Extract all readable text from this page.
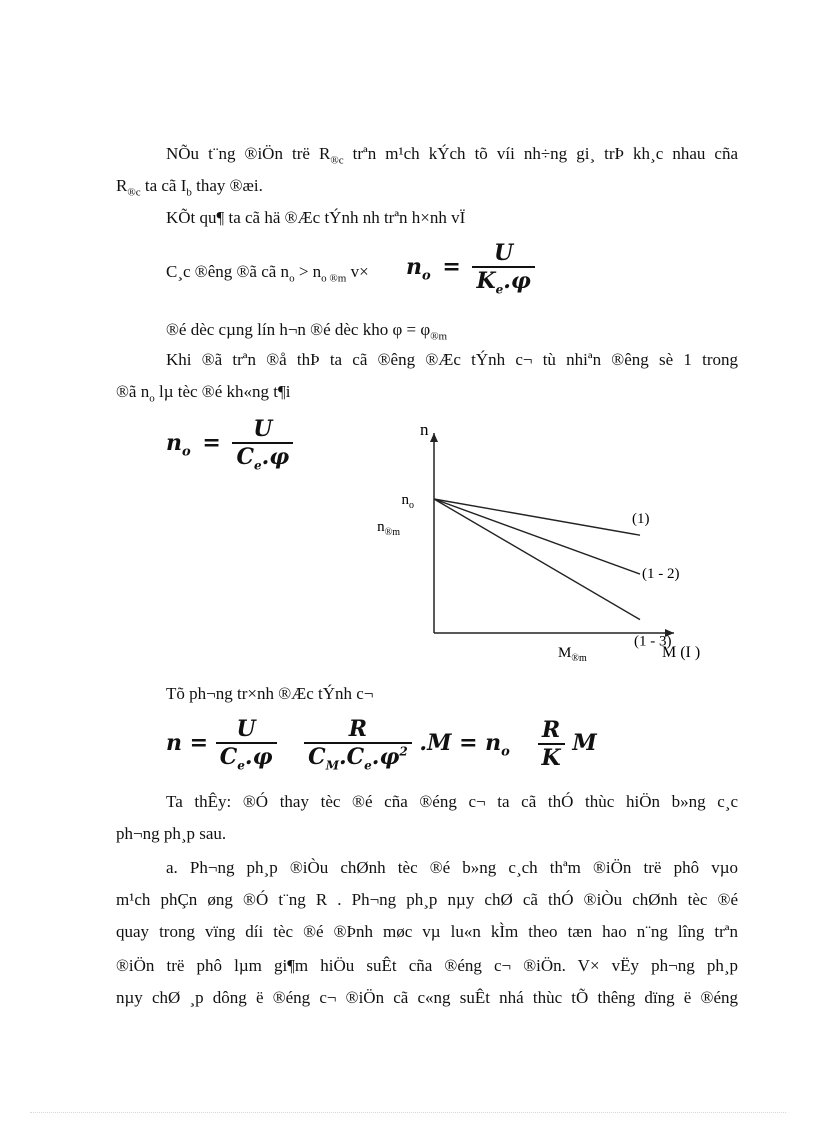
NÕu t¨ng ®iÖn trë $R_{®c}$ trªn m¹ch kÝch tõ víi nh÷ng gi¸ trÞ kh¸c nhau cña
$R_{®c}$ ta cã $I_b$ thay ®æi.
KÕt qu¶ ta cã hä ®Æc tÝnh nh trªn h×nh vÏ
C¸c ®êng ®ã cã $n_o > n_{o ®m}$ $v\times n_o = \frac{U}{K_e.\varphi}$
®é dèc cµng lín h¬n ®é dèc kho $\varphi = \varphi_{®m}$
Khi ®ã trªn ®å thÞ ta cã ®êng ®Æc tÝnh c¬ tù nhiªn ®êng sè 1 trong
®ã $n_o$ lµ tèc ®é kh«ng t¶i
$n_o = \frac{U}{C_e.\varphi}$	n
$n_o$
$n_{®m}$
(1)
(1 - 2)
(1 - 3)
$M_{®m}$	M (I )
Tõ ph¬ng tr×nh ®Æc tÝnh c¬
$n = \frac{U}{C_e.\varphi}$
$\frac{R}{C_M.C_e.\varphi^2} .M = n_o \frac{R}{K}$ M
Ta thÊy: ®Ó thay tèc ®é cña ®éng c¬ ta cã thÓ thùc hiÖn b»ng c¸c
ph¬ng ph¸p sau.
a. Ph¬ng ph¸p ®iÒu chØnh tèc ®é b»ng c¸ch thªm ®iÖn trë phô vµo
m¹ch phÇn øng ®Ó t¨ng R . Ph¬ng ph¸p nµy chØ cã thÓ ®iÒu chØnh tèc ®é
quay trong vïng díi tèc ®é ®Þnh møc vµ lu«n kÌm theo tæn hao n¨ng lîng trªn
®iÖn trë phô lµm gi¶m hiÖu suÊt cña ®éng c¬ ®iÖn. V× vËy ph¬ng ph¸p
nµy chØ ¸p dông ë ®éng c¬ ®iÖn cã c«ng suÊt nhá thùc tÕ thêng dïng ë ®éng
